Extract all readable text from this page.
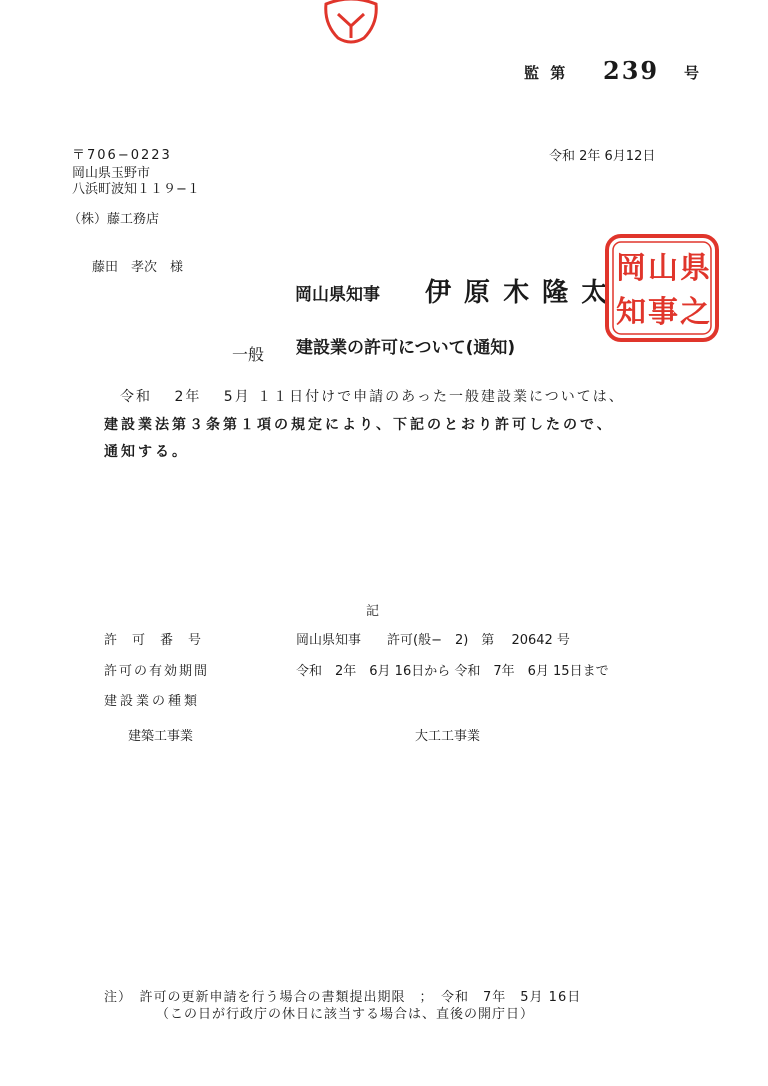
監 第 239 号
令和 2年 6月12日
〒706−0223
岡山県玉野市
八浜町波知１１９−１
（株）藤工務店
藤田　孝次　様
岡山県知事 伊 原 木 隆 太
県
山
岡
之
事
知
一般 建設業の許可について(通知)
令和　 2年　 5月 １１日付けで申請のあった一般建設業については、
建設業法第３条第１項の規定により、下記のとおり許可したので、
通知する。
記
許　可　番　号	岡山県知事　　許可(般−　2)　第　 20642 号
許可の有効期間	令和　2年　6月 16日から 令和　7年　6月 15日まで
建設業の種類
建築工事業	大工工事業
注）　許可の更新申請を行う場合の書類提出期限　；　令和　7年　5月 16日
（この日が行政庁の休日に該当する場合は、直後の開庁日）
